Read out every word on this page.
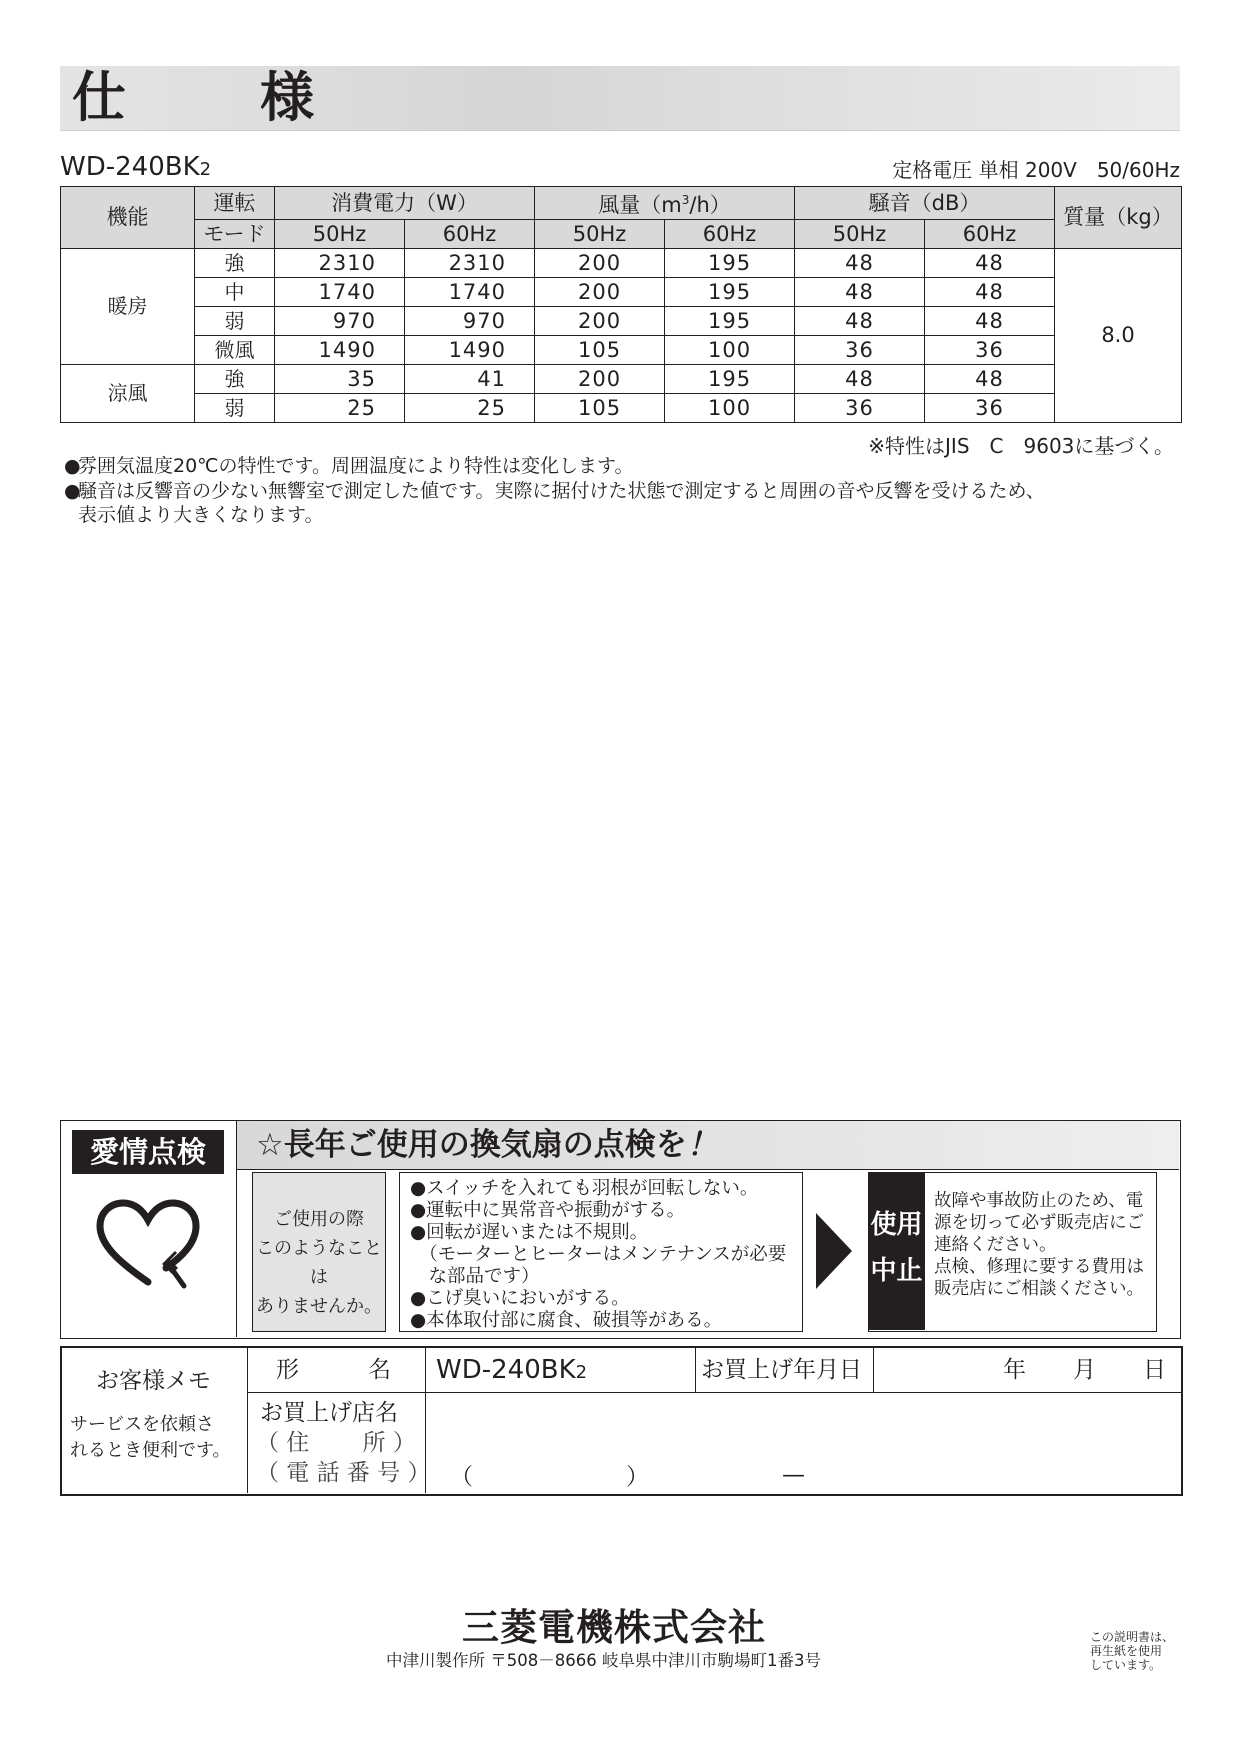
仕　様
WD-240BK2	定格電圧 単相 200V　50/60Hz
機能	運転	消費電力（W）		風量$(m^3/h)$		騒音（dB）		質量（kg）
	モード	50Hz	60Hz	50Hz	60Hz	50Hz	60Hz	
暖房	強	2310	2310	200	195	48	48	8.0
	中	1740	1740	200	195	48	48	
	弱	970	970	200	195	48	48	
	微風	1490	1490	105	100	36	36	
涼風	強	35	41	200	195	48	48	
	弱	25	25	105	100	36	36	
※特性はJIS　C　9603に基づく。
●雰囲気温度20℃の特性です。周囲温度により特性は変化します。
●騒音は反響音の少ない無響室で測定した値です。実際に据付けた状態で測定すると周囲の音や反響を受けるため、
表示値より大きくなります。
愛情点検	☆長年ご使用の換気扇の点検を！
ご使用の際
このようなことは
ありませんか。
●スイッチを入れても羽根が回転しない。
●運転中に異常音や振動がする。
●回転が遅いまたは不規則。
　（モーターとヒーターはメンテナンスが必要
　な部品です）
●こげ臭いにおいがする。
●本体取付部に腐食、破損等がある。
使用
中止
故障や事故防止のため、電
源を切って必ず販売店にご
連絡ください。
点検、修理に要する費用は
販売店にご相談ください。
お客様メモ
サービスを依頼さ
れるとき便利です。
形　　　名 WD-240BK2	お買上げ年月日	年 月 日
お買上げ店名
（ 住　　 所 ）
（ 電 話 番 号 ） （	）	—
三菱電機株式会社
中津川製作所 〒508－8666 岐阜県中津川市駒場町1番3号
この説明書は、
再生紙を使用
しています。
